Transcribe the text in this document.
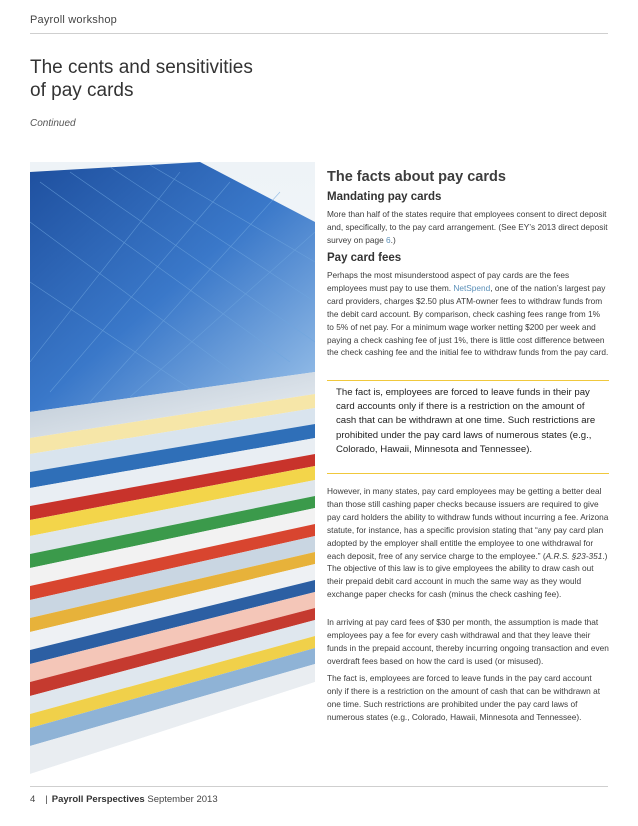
Payroll workshop
The cents and sensitivities
of pay cards
Continued
The facts about pay cards
Mandating pay cards

More than half of the states require that employees consent to direct deposit and, specifically, to the pay card arrangement. (See EY’s 2013 direct deposit survey on page 6.)

Pay card fees

Perhaps the most misunderstood aspect of pay cards are the fees employees must pay to use them. NetSpend, one of the nation’s largest pay card providers, charges $2.50 plus ATM-owner fees to withdraw funds from the debit card account. By comparison, check cashing fees range from 1% to 5% of net pay. For a minimum wage worker netting $200 per week and paying a check cashing fee of just 1%, there is little cost difference between the check cashing fee and the initial fee to withdraw funds from the pay card.

The fact is, employees are forced to leave funds in their pay card accounts only if there is a restriction on the amount of cash that can be withdrawn at one time. Such restrictions are prohibited under the pay card laws of numerous states (e.g., Colorado, Hawaii, Minnesota and Tennessee).

However, in many states, pay card employees may be getting a better deal than those still cashing paper checks because issuers are required to give pay card holders the ability to withdraw funds without incurring a fee. Arizona statute, for instance, has a specific provision stating that “any pay card plan adopted by the employer shall entitle the employee to one withdrawal for each deposit, free of any service charge to the employee.” (A.R.S. §23-351.) The objective of this law is to give employees the ability to draw cash out their prepaid debit card account in much the same way as they would exchange paper checks for cash (minus the check cashing fee).

In arriving at pay card fees of $30 per month, the assumption is made that employees pay a fee for every cash withdrawal and that they leave their funds in the prepaid account, thereby incurring ongoing transaction and even overdraft fees based on how the card is used (or misused).

The fact is, employees are forced to leave funds in the pay card account only if there is a restriction on the amount of cash that can be withdrawn at one time. Such restrictions are prohibited under the pay card laws of numerous states (e.g., Colorado, Hawaii, Minnesota and Tennessee).

4 | Payroll Perspectives September 2013
